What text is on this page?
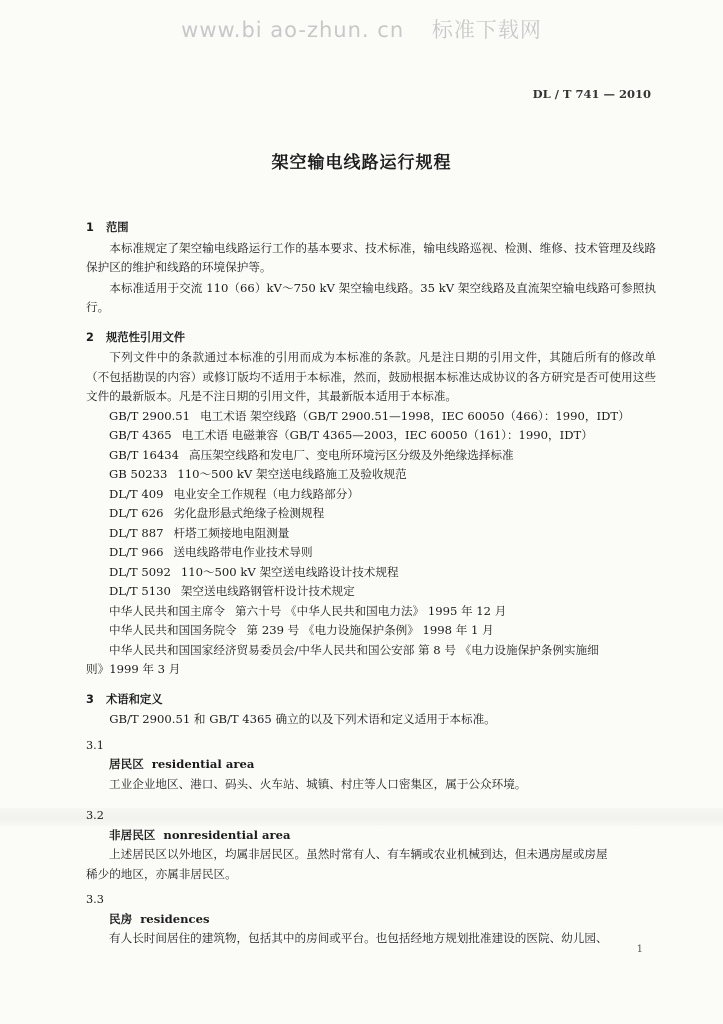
www.bi ao-zhun. cn 标准下载网
DL / T 741 — 2010
架空输电线路运行规程
1 范围
本标准规定了架空输电线路运行工作的基本要求、技术标准，输电线路巡视、检测、维修、技术管理及线路保护区的维护和线路的环境保护等。
本标准适用于交流 110（66）kV～750 kV 架空输电线路。35 kV 架空线路及直流架空输电线路可参照执行。
2 规范性引用文件
下列文件中的条款通过本标准的引用而成为本标准的条款。凡是注日期的引用文件，其随后所有的修改单（不包括勘误的内容）或修订版均不适用于本标准，然而，鼓励根据本标准达成协议的各方研究是否可使用这些文件的最新版本。凡是不注日期的引用文件，其最新版本适用于本标准。
GB/T 2900.51 电工术语 架空线路（GB/T 2900.51—1998，IEC 60050（466）：1990，IDT）
GB/T 4365 电工术语 电磁兼容（GB/T 4365—2003，IEC 60050（161）：1990，IDT）
GB/T 16434 高压架空线路和发电厂、变电所环境污区分级及外绝缘选择标准
GB 50233 110～500 kV 架空送电线路施工及验收规范
DL/T 409 电业安全工作规程（电力线路部分）
DL/T 626 劣化盘形悬式绝缘子检测规程
DL/T 887 杆塔工频接地电阻测量
DL/T 966 送电线路带电作业技术导则
DL/T 5092 110～500 kV 架空送电线路设计技术规程
DL/T 5130 架空送电线路钢管杆设计技术规定
中华人民共和国主席令 第六十号 《中华人民共和国电力法》 1995 年 12 月
中华人民共和国国务院令 第 239 号 《电力设施保护条例》 1998 年 1 月
中华人民共和国国家经济贸易委员会/中华人民共和国公安部 第 8 号 《电力设施保护条例实施细
则》1999 年 3 月
3 术语和定义
GB/T 2900.51 和 GB/T 4365 确立的以及下列术语和定义适用于本标准。
3.1
居民区 residential area
工业企业地区、港口、码头、火车站、城镇、村庄等人口密集区，属于公众环境。
3.2
非居民区 nonresidential area
上述居民区以外地区，均属非居民区。虽然时常有人、有车辆或农业机械到达，但未遇房屋或房屋
稀少的地区，亦属非居民区。
3.3
民房 residences
有人长时间居住的建筑物，包括其中的房间或平台。也包括经地方规划批准建设的医院、幼儿园、
1
